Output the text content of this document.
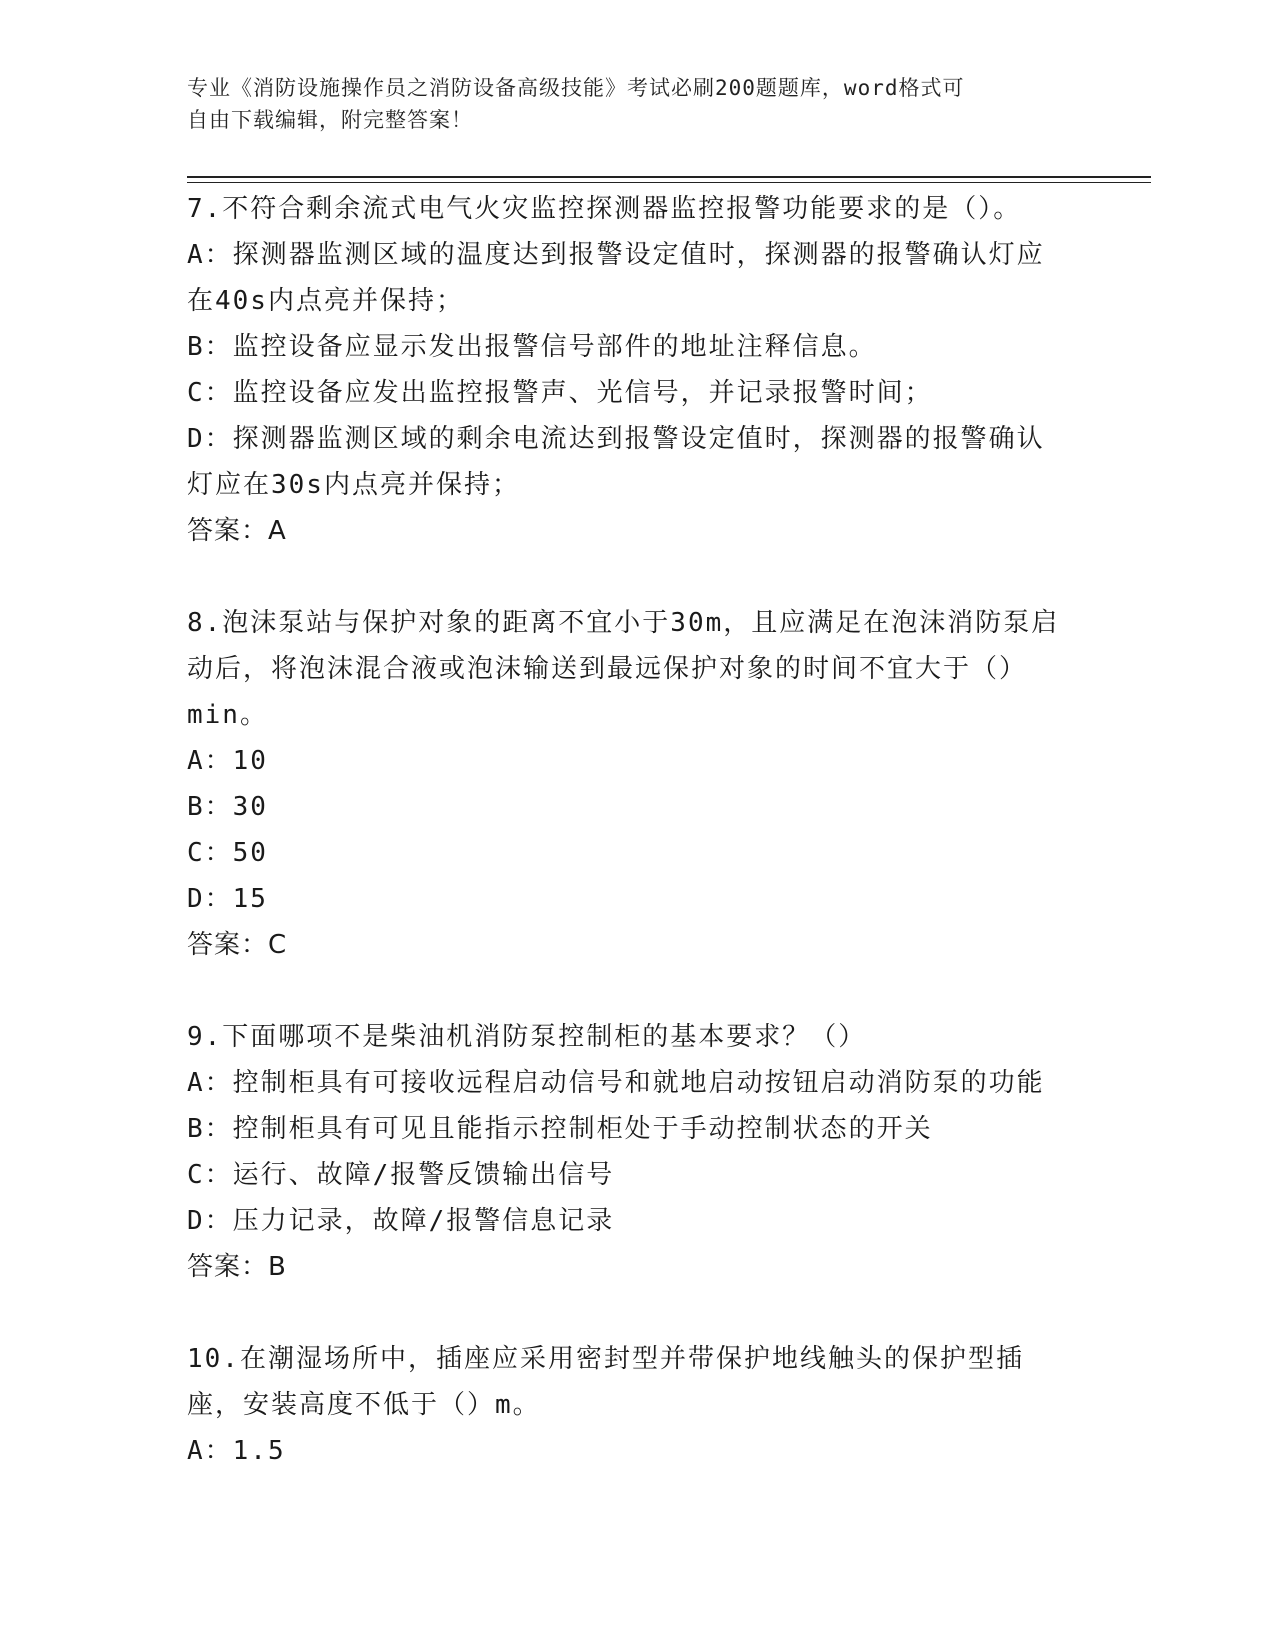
专业《消防设施操作员之消防设备高级技能》考试必刷200题题库，word格式可
自由下载编辑，附完整答案！

7.不符合剩余流式电气火灾监控探测器监控报警功能要求的是（）。

A：探测器监测区域的温度达到报警设定值时，探测器的报警确认灯应在40s内点亮并保持；

B：监控设备应显示发出报警信号部件的地址注释信息。

C：监控设备应发出监控报警声、光信号，并记录报警时间；

D：探测器监测区域的剩余电流达到报警设定值时，探测器的报警确认灯应在30s内点亮并保持；

答案：A

8.泡沫泵站与保护对象的距离不宜小于30m，且应满足在泡沫消防泵启动后，将泡沫混合液或泡沫输送到最远保护对象的时间不宜大于（）min。

A：10

B：30

C：50

D：15

答案：C

9.下面哪项不是柴油机消防泵控制柜的基本要求？（）

A：控制柜具有可接收远程启动信号和就地启动按钮启动消防泵的功能

B：控制柜具有可见且能指示控制柜处于手动控制状态的开关

C：运行、故障/报警反馈输出信号

D：压力记录，故障/报警信息记录

答案：B

10.在潮湿场所中，插座应采用密封型并带保护地线触头的保护型插座，安装高度不低于（）m。

A：1.5
